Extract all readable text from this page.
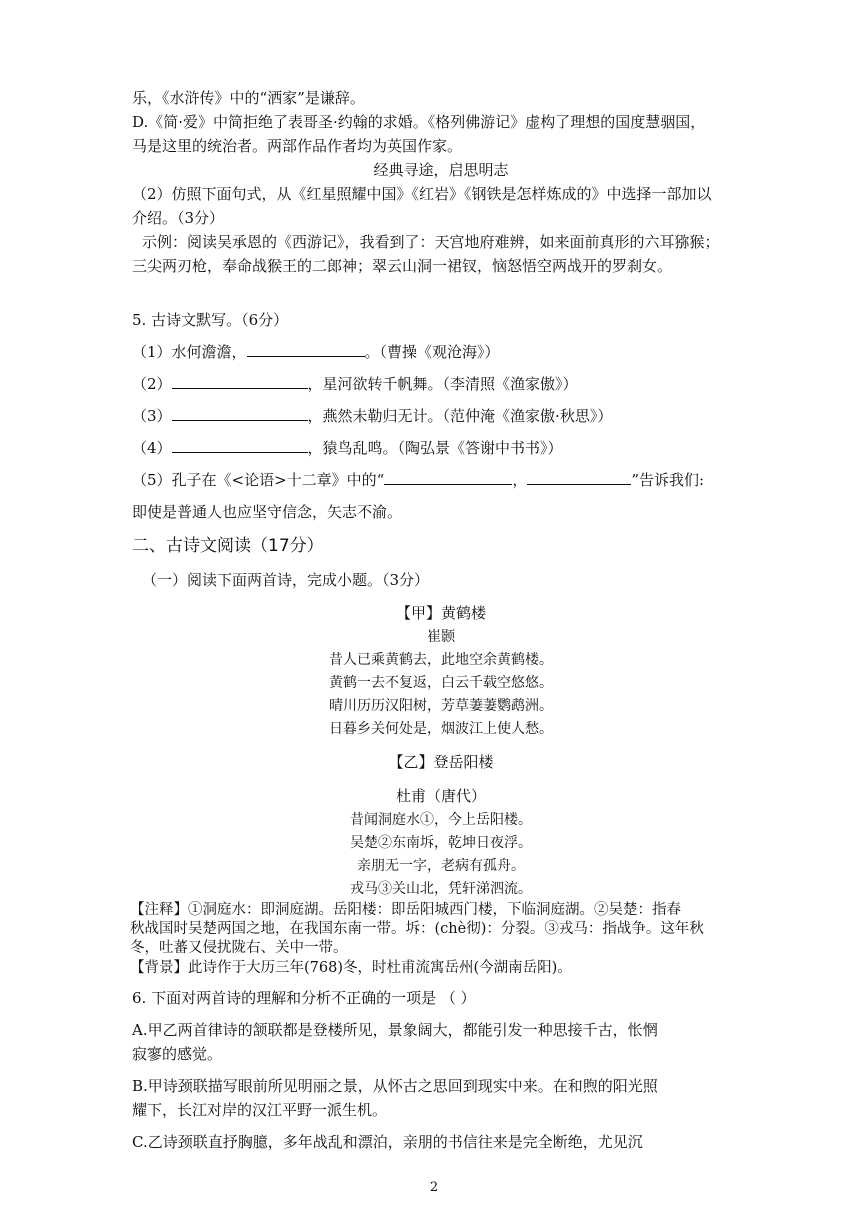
乐，《水浒传》中的“洒家”是谦辞。
D.《简·爱》中简拒绝了表哥圣·约翰的求婚。《格列佛游记》虚构了理想的国度慧骃国，
马是这里的统治者。两部作品作者均为英国作家。
经典寻途，启思明志
（2）仿照下面句式，从《红星照耀中国》《红岩》《钢铁是怎样炼成的》中选择一部加以
介绍。（3分）
示例：阅读吴承恩的《西游记》，我看到了：天宫地府难辨，如来面前真形的六耳猕猴；
三尖两刃枪，奉命战猴王的二郎神；翠云山洞一裙钗，恼怒悟空两战开的罗刹女。
5. 古诗文默写。（6分）
（1）水何澹澹，	。（曹操《观沧海》）
（2）	，星河欲转千帆舞。（李清照《渔家傲》）
（3）	，燕然未勒归无计。（范仲淹《渔家傲·秋思》）
（4）	，猿鸟乱鸣。（陶弘景《答谢中书书》）
（5）孔子在《<论语>十二章》中的“	，	”告诉我们:
即使是普通人也应坚守信念，矢志不渝。
二、古诗文阅读（17分）
（一）阅读下面两首诗，完成小题。（3分）
【甲】黄鹤楼
崔颢
昔人已乘黄鹤去，此地空余黄鹤楼。
黄鹤一去不复返，白云千载空悠悠。
晴川历历汉阳树，芳草萋萋鹦鹉洲。
日暮乡关何处是，烟波江上使人愁。
【乙】登岳阳楼
杜甫（唐代）
昔闻洞庭水①，今上岳阳楼。
吴楚②东南坼，乾坤日夜浮。
亲朋无一字，老病有孤舟。
戎马③关山北，凭轩涕泗流。
【注释】①洞庭水：即洞庭湖。岳阳楼：即岳阳城西门楼，下临洞庭湖。②吴楚：指春
秋战国时吴楚两国之地，在我国东南一带。坼：(chè彻)：分裂。③戎马：指战争。这年秋
冬，吐蕃又侵扰陇右、关中一带。
【背景】此诗作于大历三年(768)冬，时杜甫流寓岳州(今湖南岳阳)。
6. 下面对两首诗的理解和分析不正确的一项是 （ ）
A.甲乙两首律诗的颔联都是登楼所见，景象阔大，都能引发一种思接千古，怅惘
寂寥的感觉。
B.甲诗颈联描写眼前所见明丽之景，从怀古之思回到现实中来。在和煦的阳光照
耀下，长江对岸的汉江平野一派生机。
C.乙诗颈联直抒胸臆，多年战乱和漂泊，亲朋的书信往来是完全断绝，尤见沉
2
